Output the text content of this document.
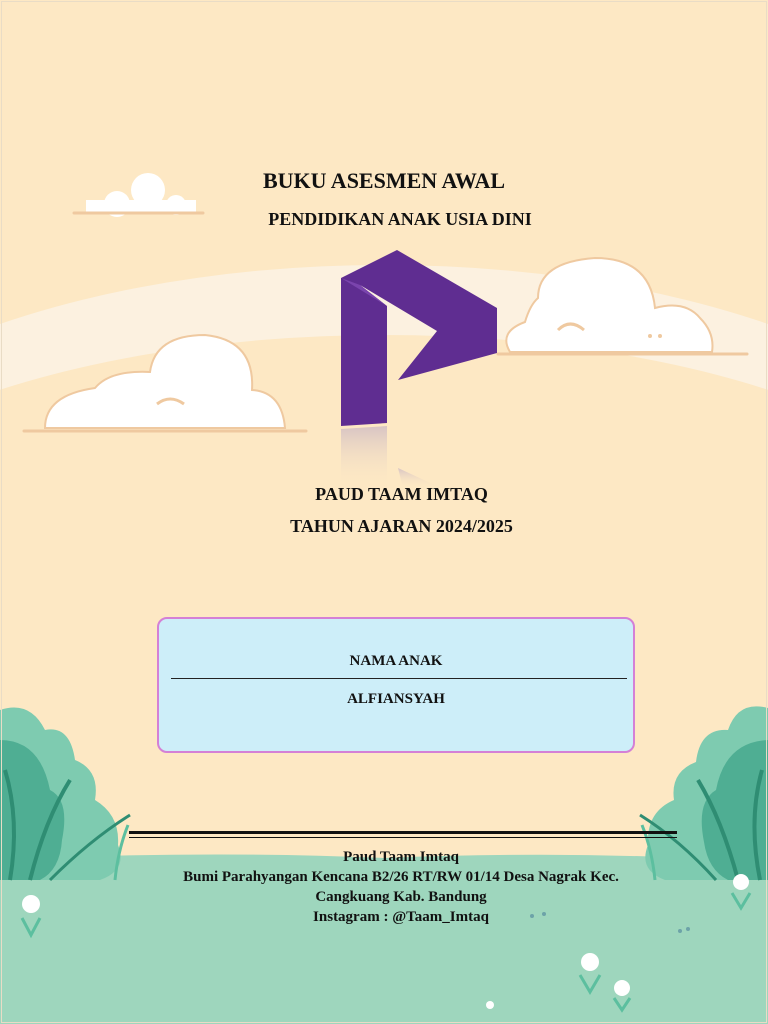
BUKU ASESMEN AWAL
PENDIDIKAN ANAK USIA DINI
PAUD TAAM IMTAQ
TAHUN AJARAN 2024/2025
NAMA ANAK
ALFIANSYAH
Paud Taam Imtaq
Bumi Parahyangan Kencana B2/26 RT/RW 01/14 Desa Nagrak Kec.
Cangkuang Kab. Bandung
Instagram : @Taam_Imtaq
